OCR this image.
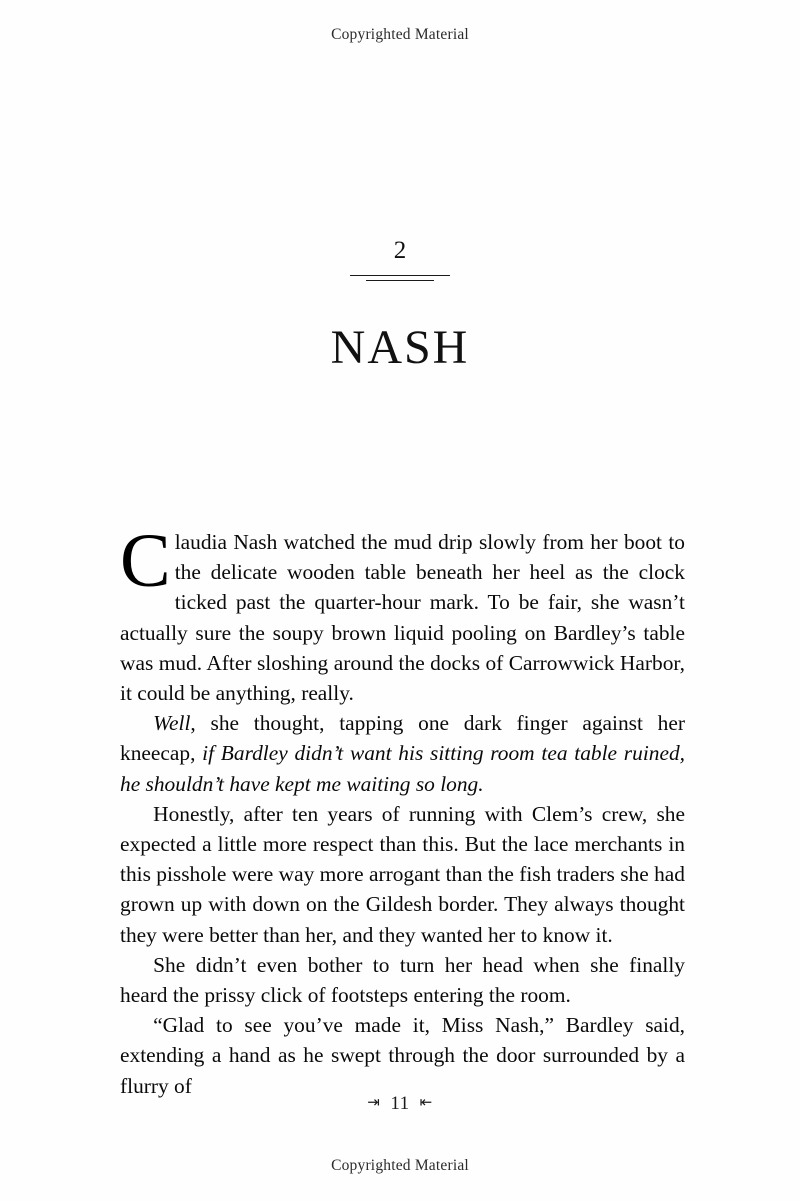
Copyrighted Material
2
NASH

Claudia Nash watched the mud drip slowly from her boot to the delicate wooden table beneath her heel as the clock ticked past the quarter-hour mark. To be fair, she wasn’t actually sure the soupy brown liquid pooling on Bardley’s table was mud. After sloshing around the docks of Carrowwick Harbor, it could be anything, really.

Well, she thought, tapping one dark finger against her kneecap, if Bardley didn’t want his sitting room tea table ruined, he shouldn’t have kept me waiting so long.

Honestly, after ten years of running with Clem’s crew, she expected a little more respect than this. But the lace merchants in this pisshole were way more arrogant than the fish traders she had grown up with down on the Gildesh border. They always thought they were better than her, and they wanted her to know it.

She didn’t even bother to turn her head when she finally heard the prissy click of footsteps entering the room.

“Glad to see you’ve made it, Miss Nash,” Bardley said, extending a hand as he swept through the door surrounded by a flurry of

⇥ 11 ⇤
Copyrighted Material
